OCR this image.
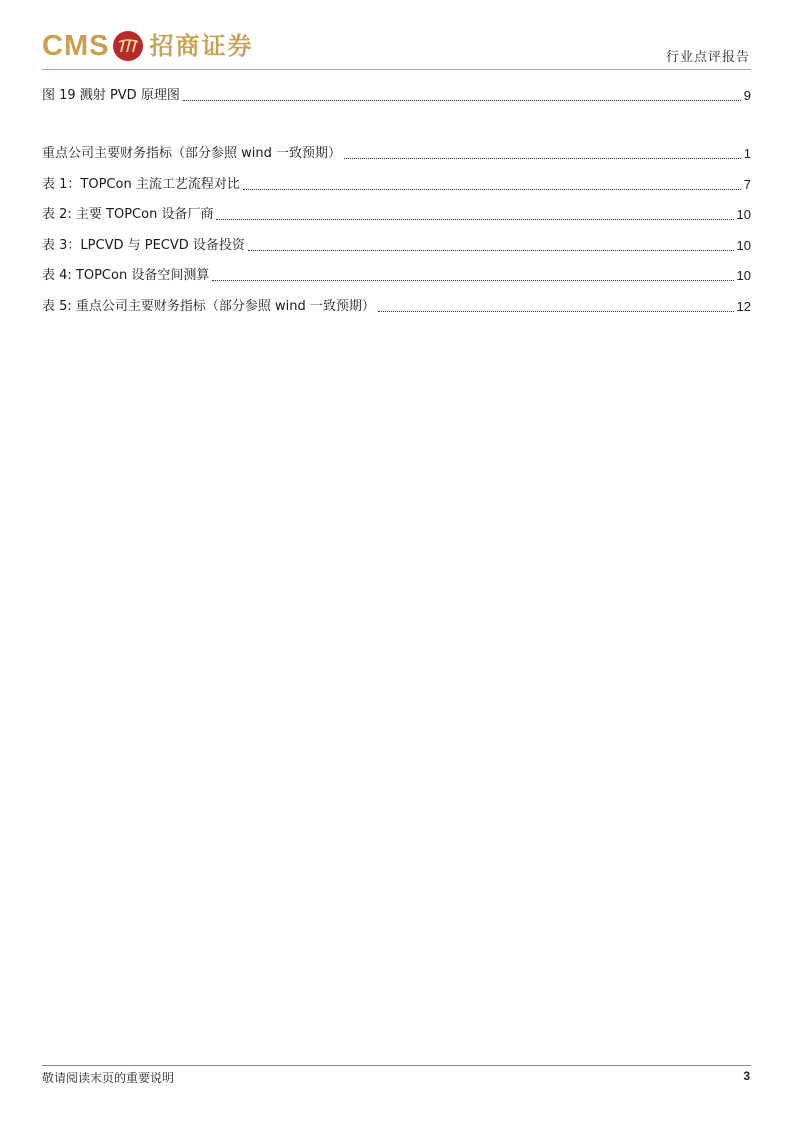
CMS 招商证券	行业点评报告
图 19 溅射 PVD 原理图	9
重点公司主要财务指标（部分参照 wind 一致预期）	1
表 1：TOPCon 主流工艺流程对比	7
表 2: 主要 TOPCon 设备厂商	10
表 3：LPCVD 与 PECVD 设备投资	10
表 4: TOPCon 设备空间测算	10
表 5: 重点公司主要财务指标（部分参照 wind 一致预期）	12
敬请阅读末页的重要说明	3
